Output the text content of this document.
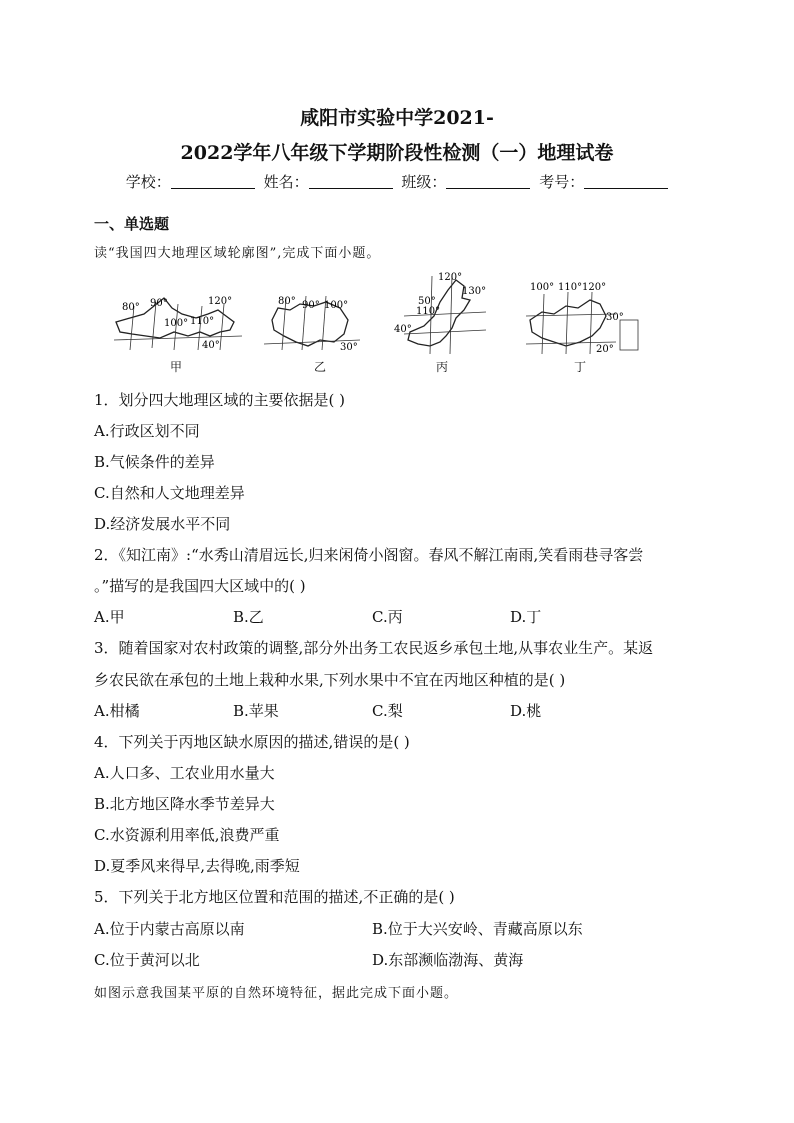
咸阳市实验中学2021-
2022学年八年级下学期阶段性检测（一）地理试卷
学校：	姓名：	班级：	考号：
一、单选题
读“我国四大地理区域轮廓图”,完成下面小题。
80° 90°
100° 110°
120°
40°
甲
80° 90° 100°
30°
乙
120°
130°
50°
110°
40°
丙
100° 110° 120°
30°
20°
丁
1．划分四大地理区域的主要依据是( )
A.行政区划不同
B.气候条件的差异
C.自然和人文地理差异
D.经济发展水平不同
2．《知江南》:“水秀山清眉远长,归来闲倚小阁窗。春风不解江南雨,笑看雨巷寻客尝
。”描写的是我国四大区域中的( )
A.甲	B.乙	C.丙	D.丁
3．随着国家对农村政策的调整,部分外出务工农民返乡承包土地,从事农业生产。某返
乡农民欲在承包的土地上栽种水果,下列水果中不宜在丙地区种植的是( )
A.柑橘	B.苹果	C.梨	D.桃
4．下列关于丙地区缺水原因的描述,错误的是( )
A.人口多、工农业用水量大
B.北方地区降水季节差异大
C.水资源利用率低,浪费严重
D.夏季风来得早,去得晚,雨季短
5．下列关于北方地区位置和范围的描述,不正确的是( )
A.位于内蒙古高原以南	B.位于大兴安岭、青藏高原以东
C.位于黄河以北	D.东部濒临渤海、黄海
如图示意我国某平原的自然环境特征，据此完成下面小题。
